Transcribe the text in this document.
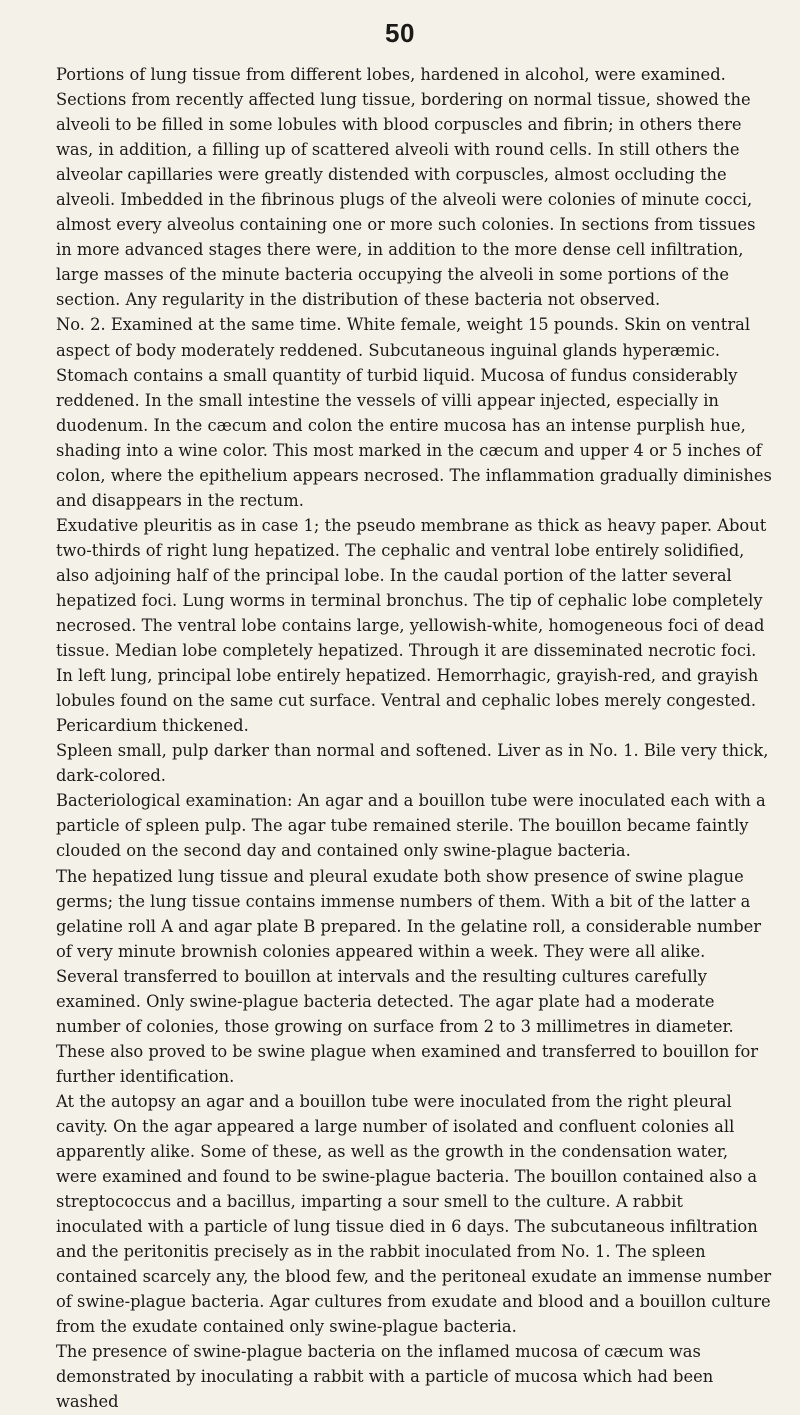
50

Portions of lung tissue from different lobes, hardened in alcohol, were examined. Sections from recently affected lung tissue, bordering on normal tissue, showed the alveoli to be filled in some lobules with blood corpuscles and fibrin; in others there was, in addition, a filling up of scattered alveoli with round cells. In still others the alveolar capillaries were greatly distended with corpuscles, almost occluding the alveoli. Imbedded in the fibrinous plugs of the alveoli were colonies of minute cocci, almost every alveolus containing one or more such colonies. In sections from tissues in more advanced stages there were, in addition to the more dense cell infiltration, large masses of the minute bacteria occupying the alveoli in some portions of the section. Any regularity in the distribution of these bacteria not observed.

No. 2. Examined at the same time. White female, weight 15 pounds. Skin on ventral aspect of body moderately reddened. Subcutaneous inguinal glands hyperæmic.

Stomach contains a small quantity of turbid liquid. Mucosa of fundus considerably reddened. In the small intestine the vessels of villi appear injected, especially in duodenum. In the cæcum and colon the entire mucosa has an intense purplish hue, shading into a wine color. This most marked in the cæcum and upper 4 or 5 inches of colon, where the epithelium appears necrosed. The inflammation gradually diminishes and disappears in the rectum.

Exudative pleuritis as in case 1; the pseudo membrane as thick as heavy paper. About two-thirds of right lung hepatized. The cephalic and ventral lobe entirely solidified, also adjoining half of the principal lobe. In the caudal portion of the latter several hepatized foci. Lung worms in terminal bronchus. The tip of cephalic lobe completely necrosed. The ventral lobe contains large, yellowish-white, homogeneous foci of dead tissue. Median lobe completely hepatized. Through it are disseminated necrotic foci.

In left lung, principal lobe entirely hepatized. Hemorrhagic, grayish-red, and grayish lobules found on the same cut surface. Ventral and cephalic lobes merely congested. Pericardium thickened.

Spleen small, pulp darker than normal and softened. Liver as in No. 1. Bile very thick, dark-colored.

Bacteriological examination: An agar and a bouillon tube were inoculated each with a particle of spleen pulp. The agar tube remained sterile. The bouillon became faintly clouded on the second day and contained only swine-plague bacteria.

The hepatized lung tissue and pleural exudate both show presence of swine plague germs; the lung tissue contains immense numbers of them. With a bit of the latter a gelatine roll A and agar plate B prepared. In the gelatine roll, a considerable number of very minute brownish colonies appeared within a week. They were all alike. Several transferred to bouillon at intervals and the resulting cultures carefully examined. Only swine-plague bacteria detected. The agar plate had a moderate number of colonies, those growing on surface from 2 to 3 millimetres in diameter. These also proved to be swine plague when examined and transferred to bouillon for further identification.

At the autopsy an agar and a bouillon tube were inoculated from the right pleural cavity. On the agar appeared a large number of isolated and confluent colonies all apparently alike. Some of these, as well as the growth in the condensation water, were examined and found to be swine-plague bacteria. The bouillon contained also a streptococcus and a bacillus, imparting a sour smell to the culture. A rabbit inoculated with a particle of lung tissue died in 6 days. The subcutaneous infiltration and the peritonitis precisely as in the rabbit inoculated from No. 1. The spleen contained scarcely any, the blood few, and the peritoneal exudate an immense number of swine-plague bacteria. Agar cultures from exudate and blood and a bouillon culture from the exudate contained only swine-plague bacteria.

The presence of swine-plague bacteria on the inflamed mucosa of cæcum was demonstrated by inoculating a rabbit with a particle of mucosa which had been washed
